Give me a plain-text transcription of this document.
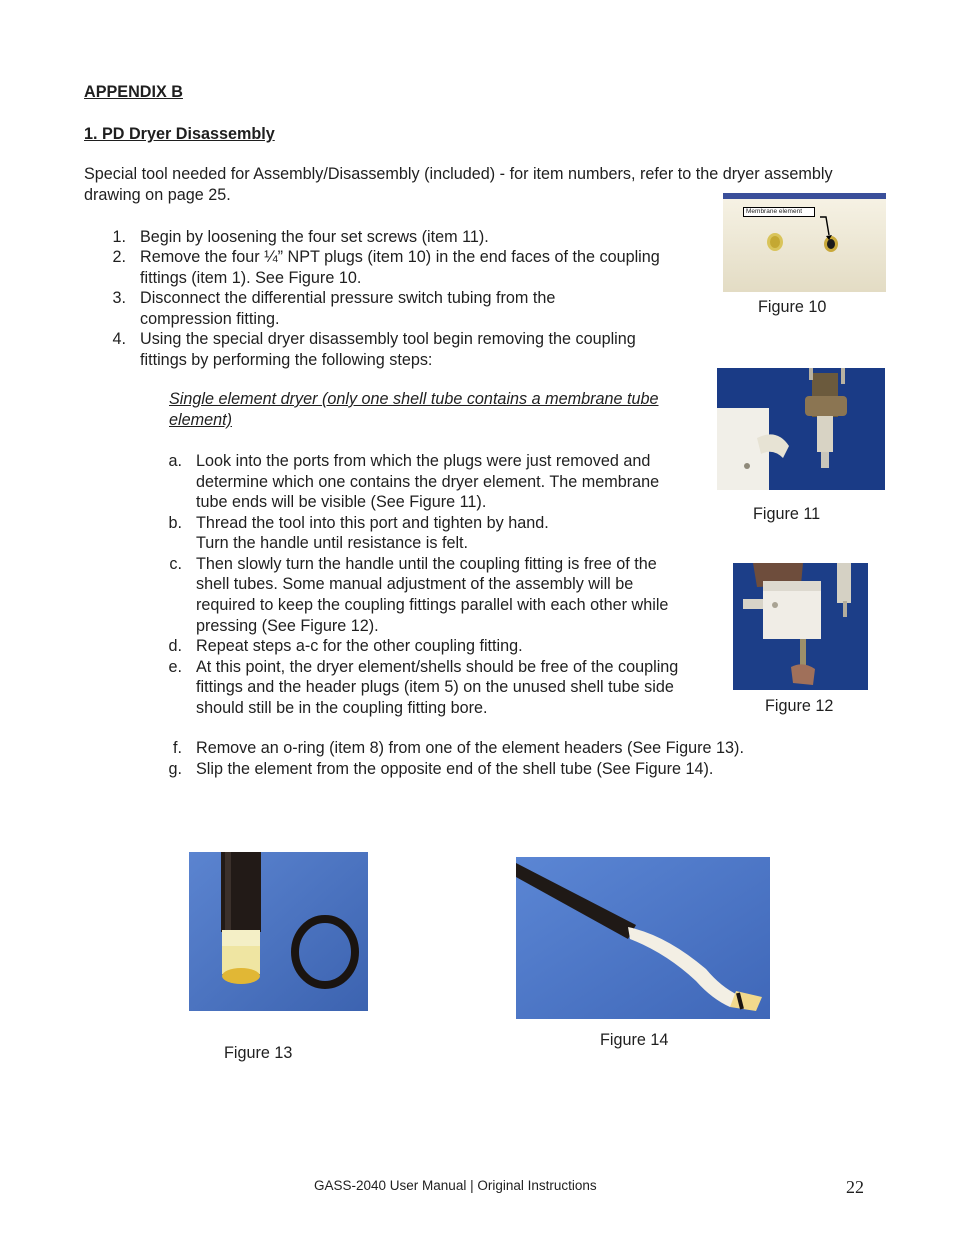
APPENDIX B
1. PD Dryer Disassembly
Special tool needed for Assembly/Disassembly (included) - for item numbers, refer to the dryer assembly drawing on page 25.
1. Begin by loosening the four set screws (item 11).
2. Remove the four ¼” NPT plugs (item 10) in the end faces of the coupling
fittings (item 1). See Figure 10.
3. Disconnect the differential pressure switch tubing from the
compression fitting.
4. Using the special dryer disassembly tool begin removing the coupling
fittings by performing the following steps:
Single element dryer (only one shell tube contains a membrane tube
element)
a. Look into the ports from which the plugs were just removed and
determine which one contains the dryer element. The membrane
tube ends will be visible (See Figure 11).
b. Thread the tool into this port and tighten by hand.
Turn the handle until resistance is felt.
c. Then slowly turn the handle until the coupling fitting is free of the
shell tubes. Some manual adjustment of the assembly will be
required to keep the coupling fittings parallel with each other while
pressing (See Figure 12).
d. Repeat steps a-c for the other coupling fitting.
e. At this point, the dryer element/shells should be free of the coupling
fittings and the header plugs (item 5) on the unused shell tube side
should still be in the coupling fitting bore.
f. Remove an o-ring (item 8) from one of the element headers (See Figure 13).
g. Slip the element from the opposite end of the shell tube (See Figure 14).
Membrane element
Figure 10
Figure 11
Figure 12
Figure 13
Figure 14
GASS-2040 User Manual | Original Instructions	22
